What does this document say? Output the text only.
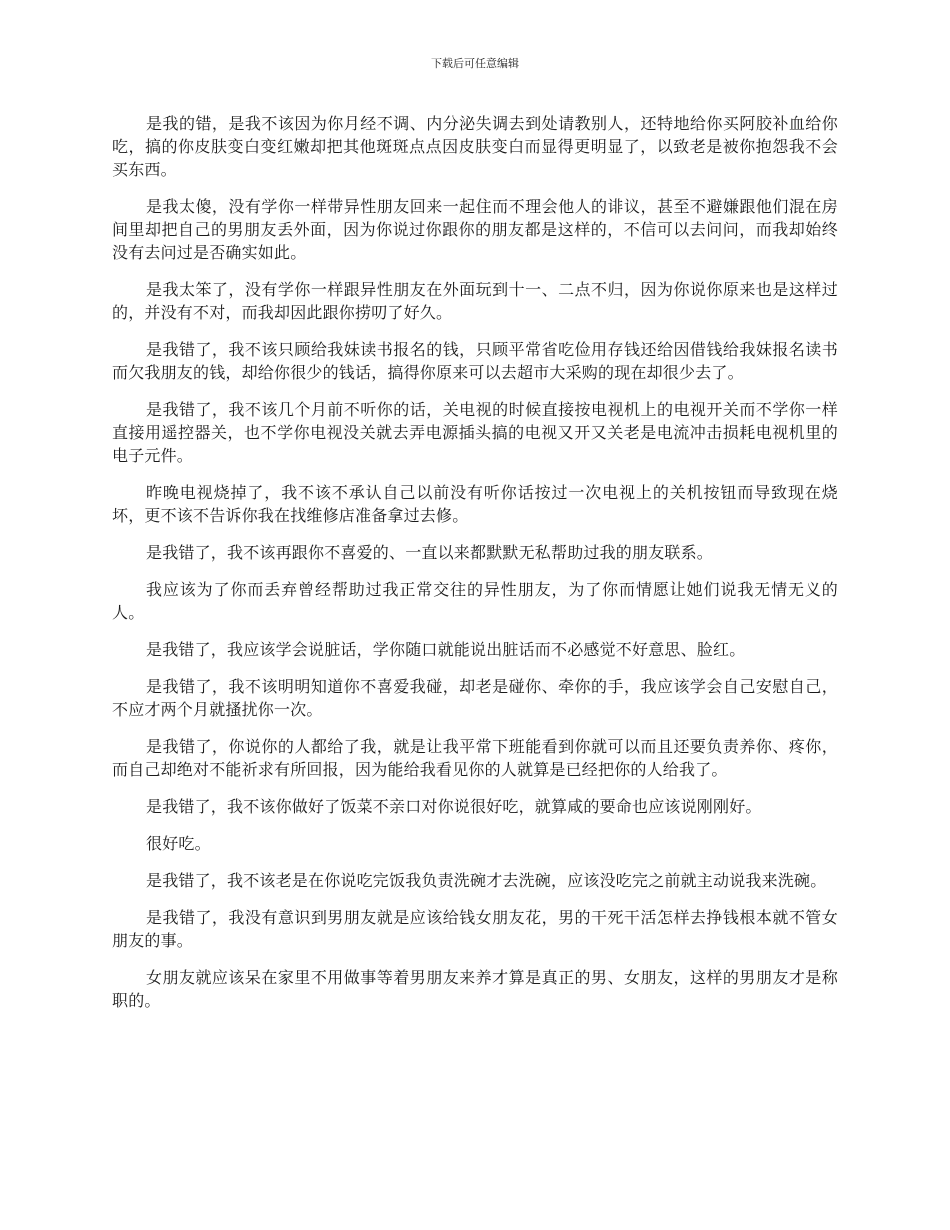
下载后可任意编辑

是我的错，是我不该因为你月经不调、内分泌失调去到处请教别人，还特地给你买阿胶补血给你吃，搞的你皮肤变白变红嫩却把其他斑斑点点因皮肤变白而显得更明显了，以致老是被你抱怨我不会买东西。

是我太傻，没有学你一样带异性朋友回来一起住而不理会他人的诽议，甚至不避嫌跟他们混在房间里却把自己的男朋友丢外面，因为你说过你跟你的朋友都是这样的，不信可以去问问，而我却始终没有去问过是否确实如此。

是我太笨了，没有学你一样跟异性朋友在外面玩到十一、二点不归，因为你说你原来也是这样过的，并没有不对，而我却因此跟你捞叨了好久。

是我错了，我不该只顾给我妹读书报名的钱，只顾平常省吃俭用存钱还给因借钱给我妹报名读书而欠我朋友的钱，却给你很少的钱话，搞得你原来可以去超市大采购的现在却很少去了。

是我错了，我不该几个月前不听你的话，关电视的时候直接按电视机上的电视开关而不学你一样直接用遥控器关，也不学你电视没关就去弄电源插头搞的电视又开又关老是电流冲击损耗电视机里的电子元件。

昨晚电视烧掉了，我不该不承认自己以前没有听你话按过一次电视上的关机按钮而导致现在烧坏，更不该不告诉你我在找维修店准备拿过去修。

是我错了，我不该再跟你不喜爱的、一直以来都默默无私帮助过我的朋友联系。

我应该为了你而丢弃曾经帮助过我正常交往的异性朋友，为了你而情愿让她们说我无情无义的人。

是我错了，我应该学会说脏话，学你随口就能说出脏话而不必感觉不好意思、脸红。

是我错了，我不该明明知道你不喜爱我碰，却老是碰你、牵你的手，我应该学会自己安慰自己，不应才两个月就搔扰你一次。

是我错了，你说你的人都给了我，就是让我平常下班能看到你就可以而且还要负责养你、疼你，而自己却绝对不能祈求有所回报，因为能给我看见你的人就算是已经把你的人给我了。

是我错了，我不该你做好了饭菜不亲口对你说很好吃，就算咸的要命也应该说刚刚好。

很好吃。

是我错了，我不该老是在你说吃完饭我负责洗碗才去洗碗，应该没吃完之前就主动说我来洗碗。

是我错了，我没有意识到男朋友就是应该给钱女朋友花，男的干死干活怎样去挣钱根本就不管女朋友的事。

女朋友就应该呆在家里不用做事等着男朋友来养才算是真正的男、女朋友，这样的男朋友才是称职的。
